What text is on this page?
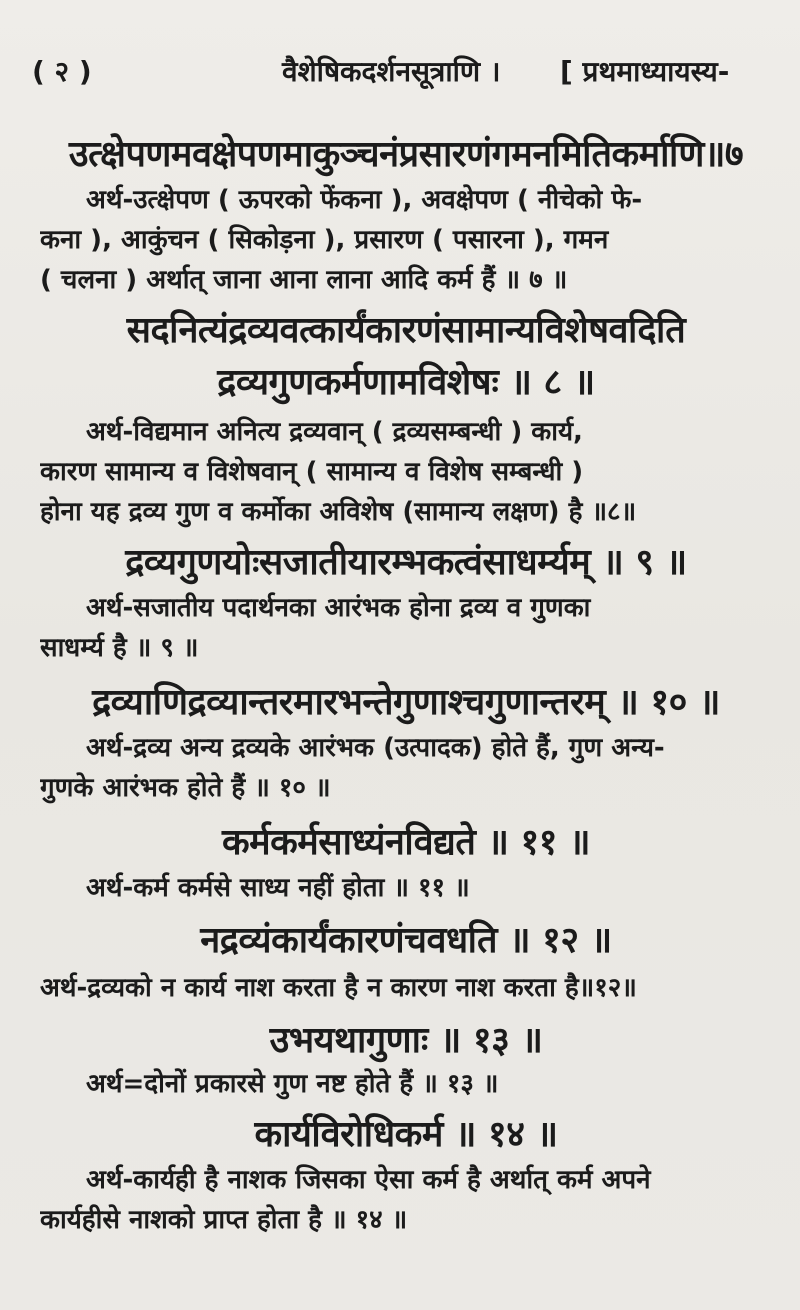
( २ )	वैशेषिकदर्शनसूत्राणि । [ प्रथमाध्यायस्य-
उत्क्षेपणमवक्षेपणमाकुञ्चनंप्रसारणंगमनमितिकर्माणि॥७
अर्थ-उत्क्षेपण ( ऊपरको फेंकना ), अवक्षेपण ( नीचेको फे-
कना ), आकुंचन ( सिकोड़ना ), प्रसारण ( पसारना ), गमन
( चलना ) अर्थात् जाना आना लाना आदि कर्म हैं ॥ ७ ॥
सदनित्यंद्रव्यवत्कार्यंकारणंसामान्यविशेषवदिति
द्रव्यगुणकर्मणामविशेषः ॥ ८ ॥
अर्थ-विद्यमान अनित्य द्रव्यवान् ( द्रव्यसम्बन्धी ) कार्य,
कारण सामान्य व विशेषवान् ( सामान्य व विशेष सम्बन्धी )
होना यह द्रव्य गुण व कर्मोका अविशेष (सामान्य लक्षण) है ॥८॥
द्रव्यगुणयोःसजातीयारम्भकत्वंसाधर्म्यम् ॥ ९ ॥
अर्थ-सजातीय पदार्थनका आरंभक होना द्रव्य व गुणका
साधर्म्य है ॥ ९ ॥
द्रव्याणिद्रव्यान्तरमारभन्तेगुणाश्चगुणान्तरम् ॥ १० ॥
अर्थ-द्रव्य अन्य द्रव्यके आरंभक (उत्पादक) होते हैं, गुण अन्य-
गुणके आरंभक होते हैं ॥ १० ॥
कर्मकर्मसाध्यंनविद्यते ॥ ११ ॥
अर्थ-कर्म कर्मसे साध्य नहीं होता ॥ ११ ॥
नद्रव्यंकार्यंकारणंचवधति ॥ १२ ॥
अर्थ-द्रव्यको न कार्य नाश करता है न कारण नाश करता है॥१२॥
उभयथागुणाः ॥ १३ ॥
अर्थ=दोनों प्रकारसे गुण नष्ट होते हैं ॥ १३ ॥
कार्यविरोधिकर्म ॥ १४ ॥
अर्थ-कार्यही है नाशक जिसका ऐसा कर्म है अर्थात् कर्म अपने
कार्यहीसे नाशको प्राप्त होता है ॥ १४ ॥
